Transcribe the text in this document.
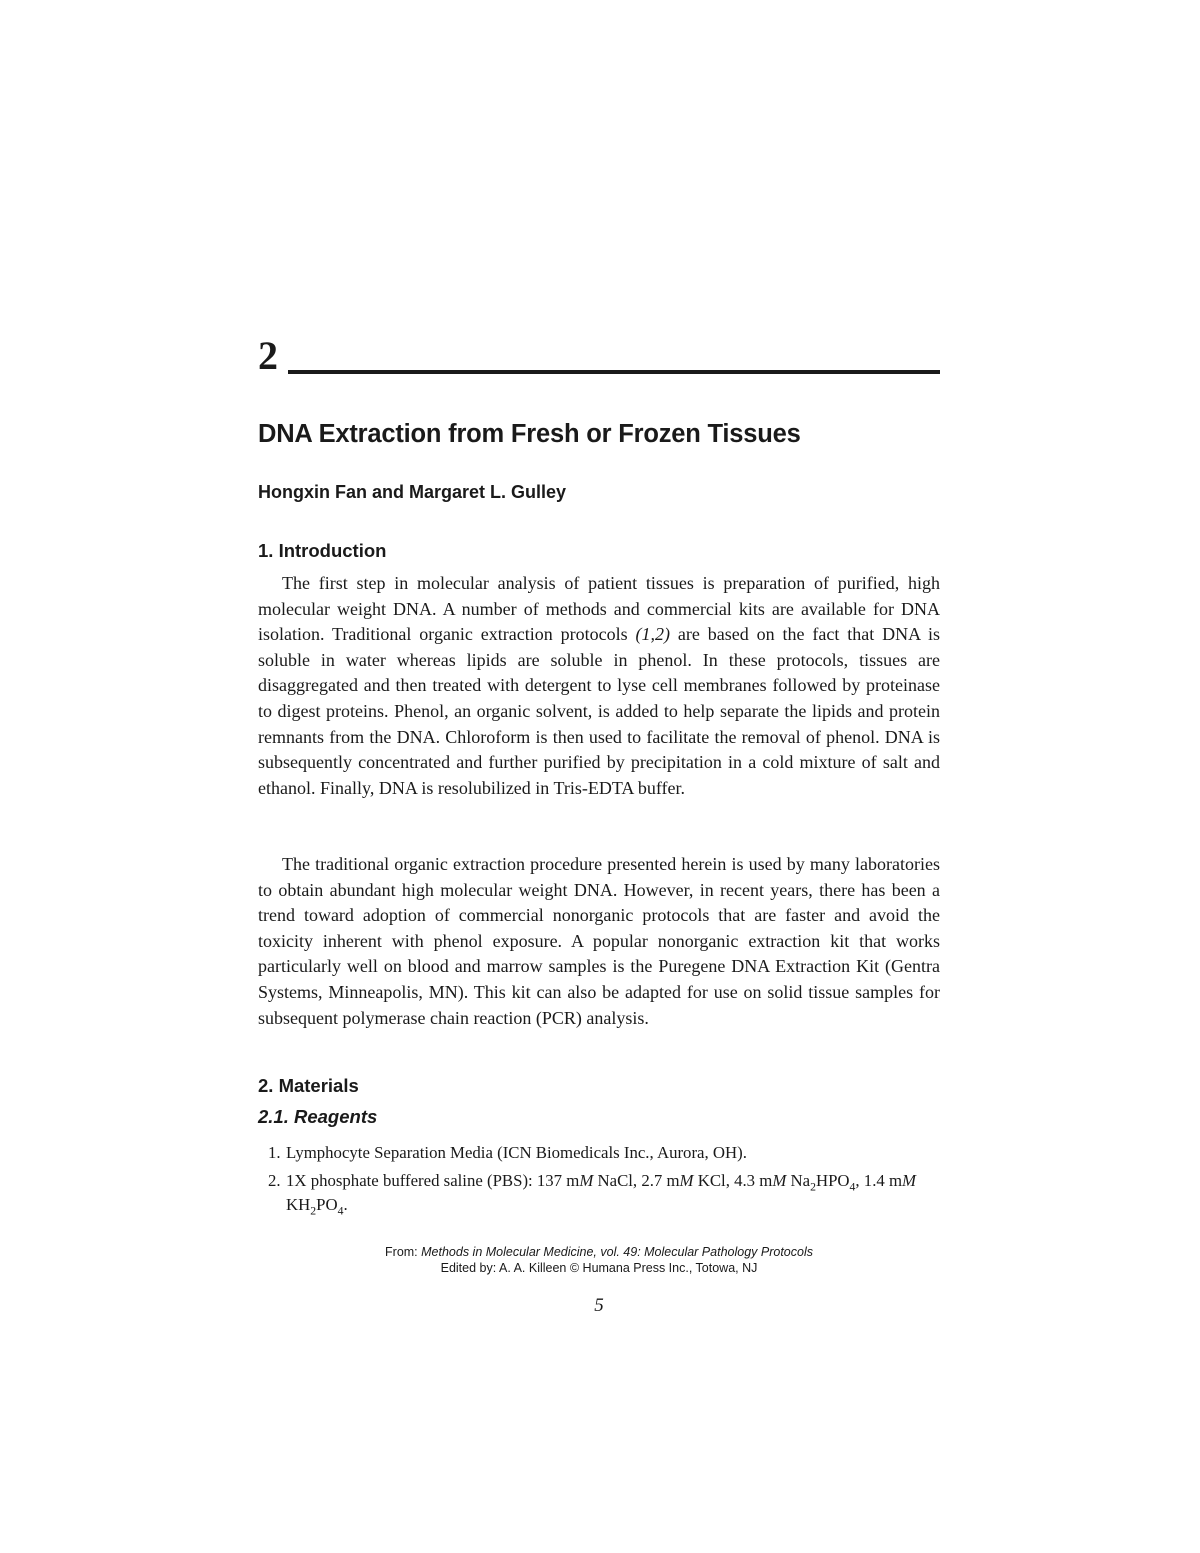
2
DNA Extraction from Fresh or Frozen Tissues

Hongxin Fan and Margaret L. Gulley

1. Introduction

The first step in molecular analysis of patient tissues is preparation of purified, high molecular weight DNA. A number of methods and commercial kits are available for DNA isolation. Traditional organic extraction protocols (1,2) are based on the fact that DNA is soluble in water whereas lipids are soluble in phenol. In these protocols, tissues are disaggregated and then treated with detergent to lyse cell membranes followed by proteinase to digest proteins. Phenol, an organic solvent, is added to help separate the lipids and protein remnants from the DNA. Chloroform is then used to facilitate the removal of phenol. DNA is subsequently concentrated and further purified by precipitation in a cold mixture of salt and ethanol. Finally, DNA is resolubilized in Tris-EDTA buffer.

The traditional organic extraction procedure presented herein is used by many laboratories to obtain abundant high molecular weight DNA. However, in recent years, there has been a trend toward adoption of commercial nonorganic protocols that are faster and avoid the toxicity inherent with phenol exposure. A popular nonorganic extraction kit that works particularly well on blood and marrow samples is the Puregene DNA Extraction Kit (Gentra Systems, Minneapolis, MN). This kit can also be adapted for use on solid tissue samples for subsequent polymerase chain reaction (PCR) analysis.

2. Materials
2.1. Reagents
1. Lymphocyte Separation Media (ICN Biomedicals Inc., Aurora, OH).
2. 1X phosphate buffered saline (PBS): 137 mM NaCl, 2.7 mM KCl, 4.3 mM $Na_2HPO_4$, 1.4 mM $KH_2PO_4$.

From: Methods in Molecular Medicine, vol. 49: Molecular Pathology Protocols

Edited by: A. A. Killeen © Humana Press Inc., Totowa, NJ

5
